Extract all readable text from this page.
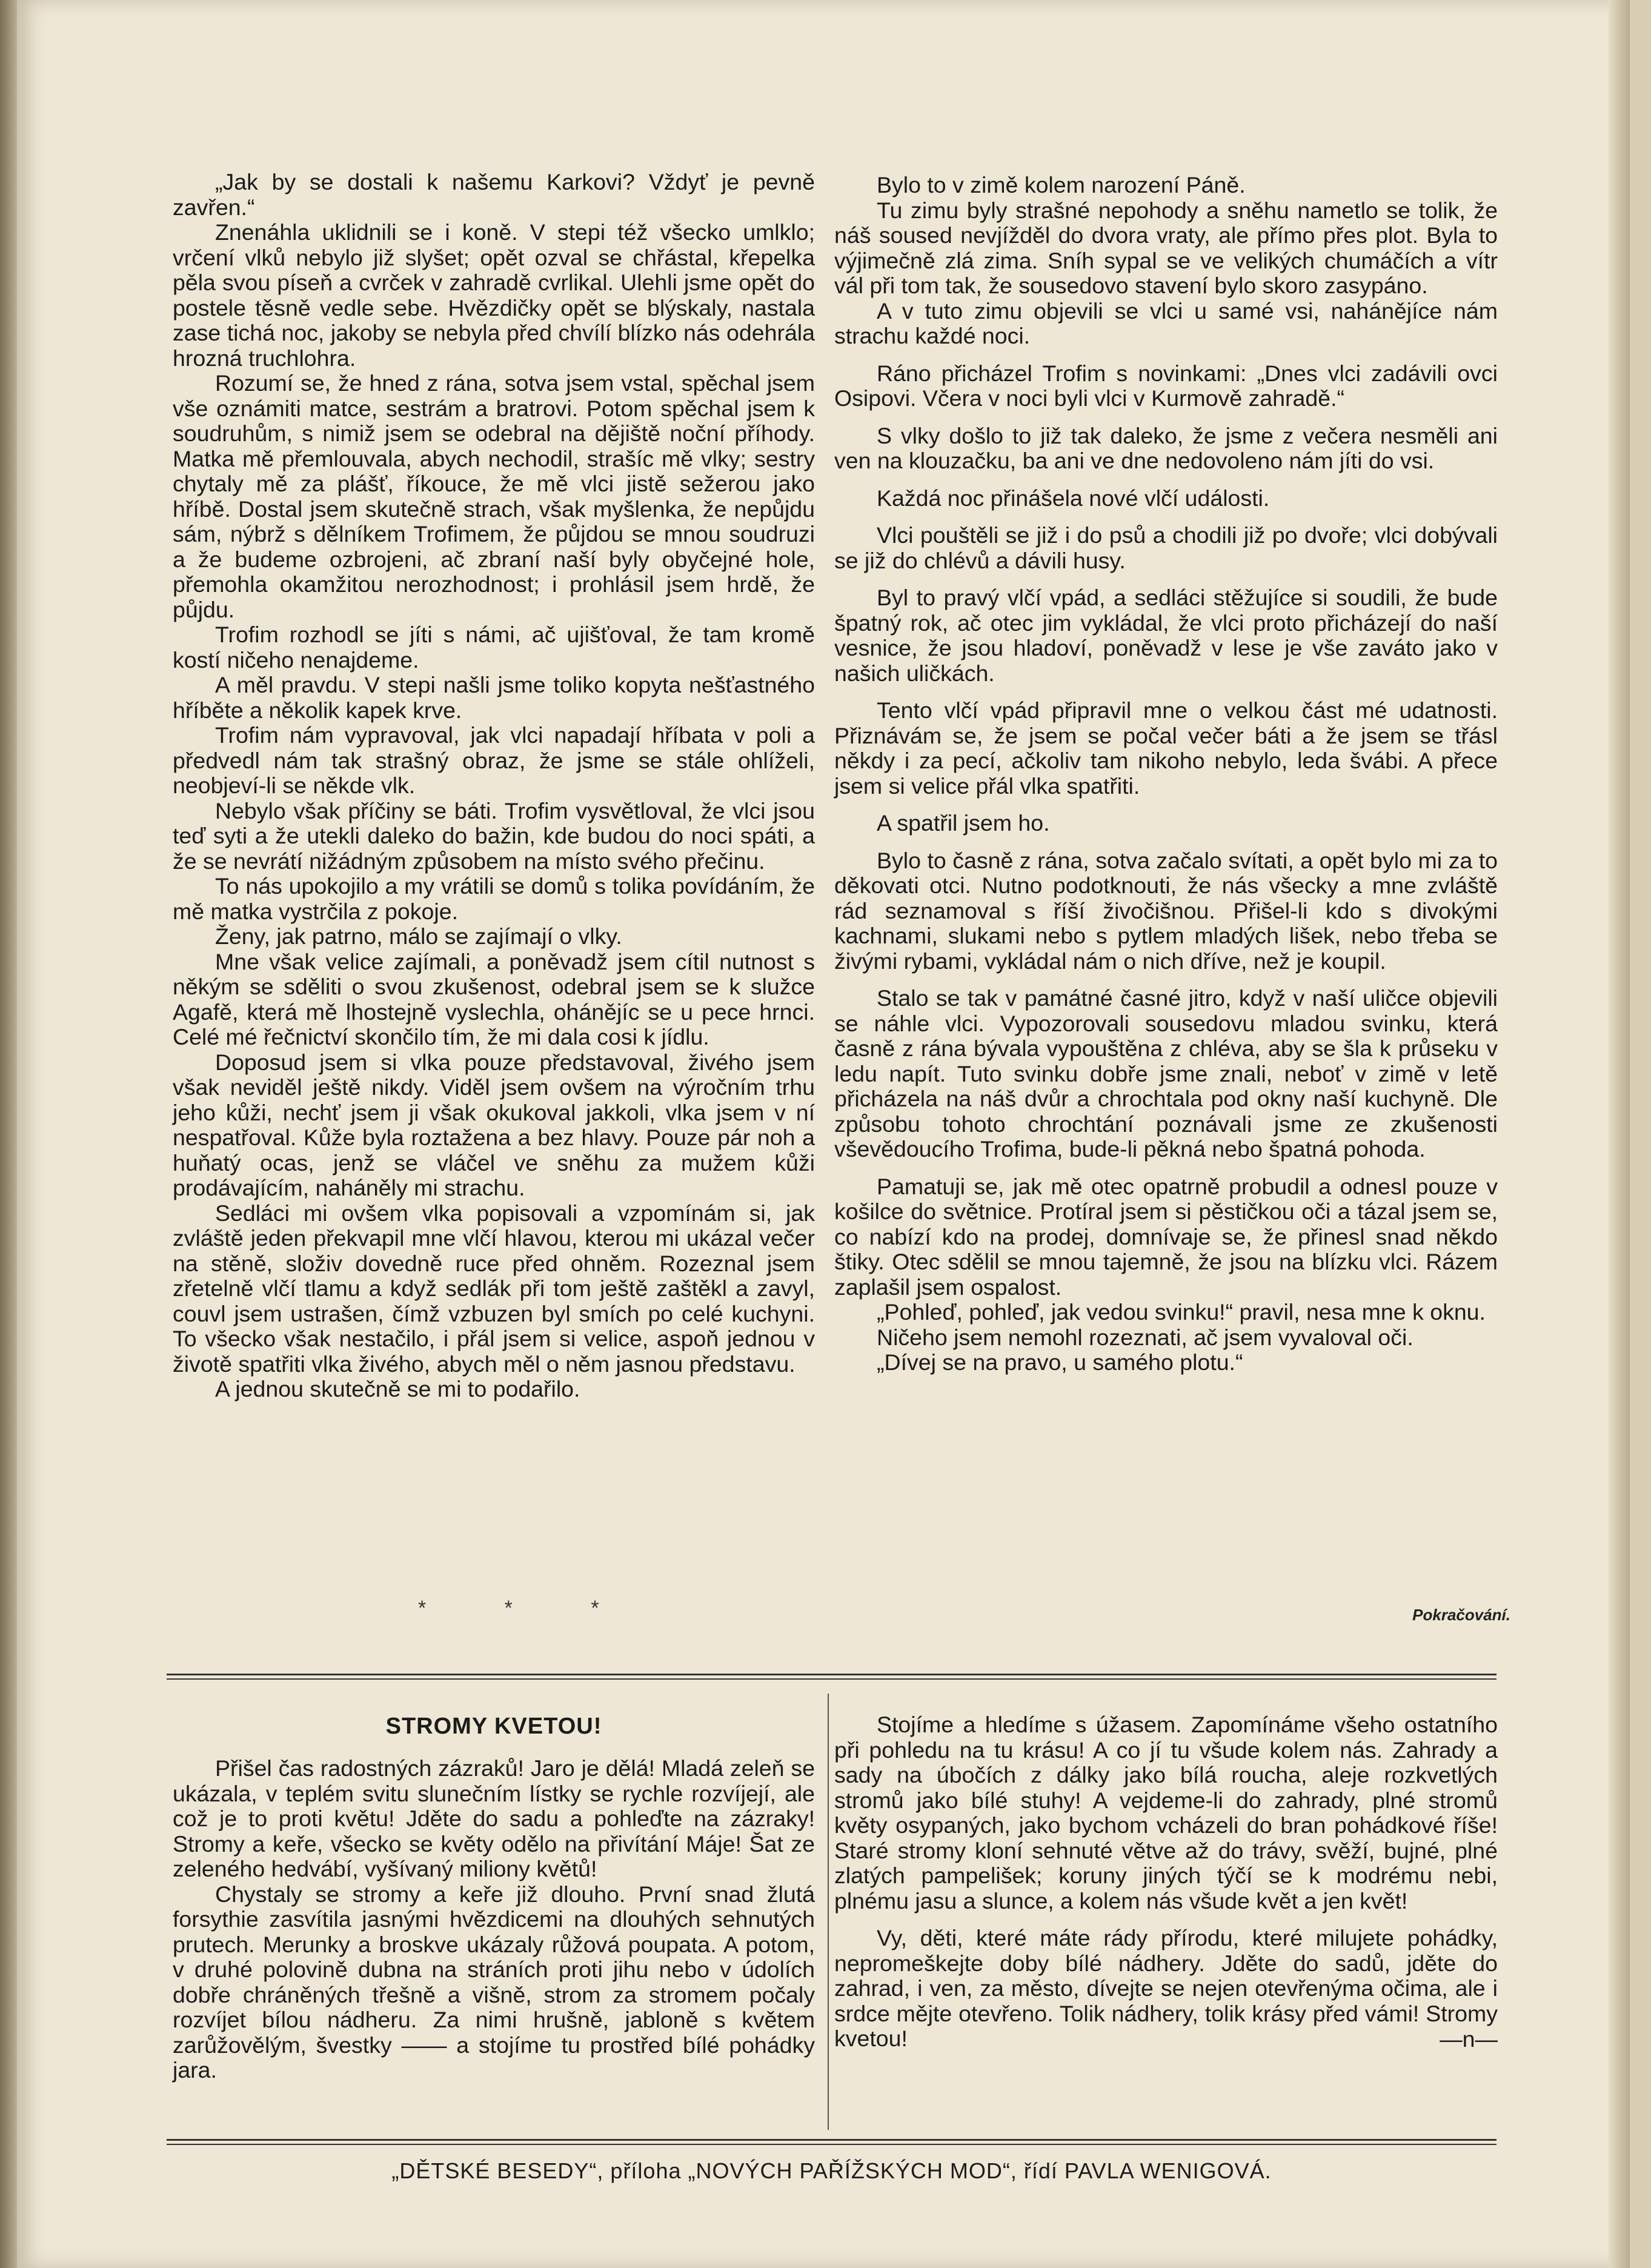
„Jak by se dostali k našemu Karkovi? Vždyť je pevně zavřen.“

Znenáhla uklidnili se i koně. V stepi též všecko umlklo; vrčení vlků nebylo již slyšet; opět ozval se chřástal, křepelka pěla svou píseň a cvrček v zahradě cvrlikal. Ulehli jsme opět do postele těsně vedle sebe. Hvězdičky opět se blýskaly, nastala zase tichá noc, jakoby se nebyla před chvílí blízko nás odehrála hrozná truchlohra.

Rozumí se, že hned z rána, sotva jsem vstal, spěchal jsem vše oznámiti matce, sestrám a bratrovi. Potom spěchal jsem k soudruhům, s nimiž jsem se odebral na dějiště noční příhody. Matka mě přemlouvala, abych nechodil, strašíc mě vlky; sestry chytaly mě za plášť, říkouce, že mě vlci jistě sežerou jako hříbě. Dostal jsem skutečně strach, však myšlenka, že nepůjdu sám, nýbrž s dělníkem Trofimem, že půjdou se mnou soudruzi a že budeme ozbrojeni, ač zbraní naší byly obyčejné hole, přemohla okamžitou nerozhodnost; i prohlásil jsem hrdě, že půjdu.

Trofim rozhodl se jíti s námi, ač ujišťoval, že tam kromě kostí ničeho nenajdeme.

A měl pravdu. V stepi našli jsme toliko kopyta nešťastného hříběte a několik kapek krve.

Trofim nám vypravoval, jak vlci napadají hříbata v poli a předvedl nám tak strašný obraz, že jsme se stále ohlíželi, neobjeví-li se někde vlk.

Nebylo však příčiny se báti. Trofim vysvětloval, že vlci jsou teď syti a že utekli daleko do bažin, kde budou do noci spáti, a že se nevrátí nižádným způsobem na místo svého přečinu.

To nás upokojilo a my vrátili se domů s tolika povídáním, že mě matka vystrčila z pokoje.

Ženy, jak patrno, málo se zajímají o vlky.

Mne však velice zajímali, a poněvadž jsem cítil nutnost s někým se sděliti o svou zkušenost, odebral jsem se k služce Agafě, která mě lhostejně vyslechla, ohánějíc se u pece hrnci. Celé mé řečnictví skončilo tím, že mi dala cosi k jídlu.

Doposud jsem si vlka pouze představoval, živého jsem však neviděl ještě nikdy. Viděl jsem ovšem na výročním trhu jeho kůži, nechť jsem ji však okukoval jakkoli, vlka jsem v ní nespatřoval. Kůže byla roztažena a bez hlavy. Pouze pár noh a huňatý ocas, jenž se vláčel ve sněhu za mužem kůži prodávajícím, naháněly mi strachu.

Sedláci mi ovšem vlka popisovali a vzpomínám si, jak zvláště jeden překvapil mne vlčí hlavou, kterou mi ukázal večer na stěně, složiv dovedně ruce před ohněm. Rozeznal jsem zřetelně vlčí tlamu a když sedlák při tom ještě zaštěkl a zavyl, couvl jsem ustrašen, čímž vzbuzen byl smích po celé kuchyni. To všecko však nestačilo, i přál jsem si velice, aspoň jednou v životě spatřiti vlka živého, abych měl o něm jasnou představu.

A jednou skutečně se mi to podařilo.

* * *

Bylo to v zimě kolem narození Páně.

Tu zimu byly strašné nepohody a sněhu nametlo se tolik, že náš soused nevjížděl do dvora vraty, ale přímo přes plot. Byla to výjimečně zlá zima. Sníh sypal se ve velikých chumáčích a vítr vál při tom tak, že sousedovo stavení bylo skoro zasypáno.

A v tuto zimu objevili se vlci u samé vsi, nahánějíce nám strachu každé noci.

Ráno přicházel Trofim s novinkami: „Dnes vlci zadávili ovci Osipovi. Včera v noci byli vlci v Kurmově zahradě.“

S vlky došlo to již tak daleko, že jsme z večera nesměli ani ven na klouzačku, ba ani ve dne nedovoleno nám jíti do vsi.

Každá noc přinášela nové vlčí události.

Vlci pouštěli se již i do psů a chodili již po dvoře; vlci dobývali se již do chlévů a dávili husy.

Byl to pravý vlčí vpád, a sedláci stěžujíce si soudili, že bude špatný rok, ač otec jim vykládal, že vlci proto přicházejí do naší vesnice, že jsou hladoví, poněvadž v lese je vše zaváto jako v našich uličkách.

Tento vlčí vpád připravil mne o velkou část mé udatnosti. Přiznávám se, že jsem se počal večer báti a že jsem se třásl někdy i za pecí, ačkoliv tam nikoho nebylo, leda švábi. A přece jsem si velice přál vlka spatřiti.

A spatřil jsem ho.

Bylo to časně z rána, sotva začalo svítati, a opět bylo mi za to děkovati otci. Nutno podotknouti, že nás všecky a mne zvláště rád seznamoval s říší živočišnou. Přišel-li kdo s divokými kachnami, slukami nebo s pytlem mladých lišek, nebo třeba se živými rybami, vykládal nám o nich dříve, než je koupil.

Stalo se tak v památné časné jitro, když v naší uličce objevili se náhle vlci. Vypozorovali sousedovu mladou svinku, která časně z rána bývala vypouštěna z chléva, aby se šla k průseku v ledu napít. Tuto svinku dobře jsme znali, neboť v zimě v letě přicházela na náš dvůr a chrochtala pod okny naší kuchyně. Dle způsobu tohoto chrochtání poznávali jsme ze zkušenosti vševědoucího Trofima, bude-li pěkná nebo špatná pohoda.

Pamatuji se, jak mě otec opatrně probudil a odnesl pouze v košilce do světnice. Protíral jsem si pěstičkou oči a tázal jsem se, co nabízí kdo na prodej, domnívaje se, že přinesl snad někdo štiky. Otec sdělil se mnou tajemně, že jsou na blízku vlci. Rázem zaplašil jsem ospalost.

„Pohleď, pohleď, jak vedou svinku!“ pravil, nesa mne k oknu.

Ničeho jsem nemohl rozeznati, ač jsem vyvaloval oči.

„Dívej se na pravo, u samého plotu.“

Pokračování.
STROMY KVETOU!

Přišel čas radostných zázraků! Jaro je dělá! Mladá zeleň se ukázala, v teplém svitu slunečním lístky se rychle rozvíjejí, ale což je to proti květu! Jděte do sadu a pohleďte na zázraky! Stromy a keře, všecko se květy odělo na přivítání Máje! Šat ze zeleného hedvábí, vyšívaný miliony květů!

Chystaly se stromy a keře již dlouho. První snad žlutá forsythie zasvítila jasnými hvězdicemi na dlouhých sehnutých prutech. Merunky a broskve ukázaly růžová poupata. A potom, v druhé polovině dubna na stráních proti jihu nebo v údolích dobře chráněných třešně a višně, strom za stromem počaly rozvíjet bílou nádheru. Za nimi hrušně, jabloně s květem zarůžovělým, švestky —— a stojíme tu prostřed bílé pohádky jara.

Stojíme a hledíme s úžasem. Zapomínáme všeho ostatního při pohledu na tu krásu! A co jí tu všude kolem nás. Zahrady a sady na úbočích z dálky jako bílá roucha, aleje rozkvetlých stromů jako bílé stuhy! A vejdeme-li do zahrady, plné stromů květy osypaných, jako bychom vcházeli do bran pohádkové říše! Staré stromy kloní sehnuté větve až do trávy, svěží, bujné, plné zlatých pampelišek; koruny jiných týčí se k modrému nebi, plnému jasu a slunce, a kolem nás všude květ a jen květ!

Vy, děti, které máte rády přírodu, které milujete pohádky, nepromeškejte doby bílé nádhery. Jděte do sadů, jděte do zahrad, i ven, za město, dívejte se nejen otevřenýma očima, ale i srdce mějte otevřeno. Tolik nádhery, tolik krásy před vámi! Stromy kvetou!	—n—

„DĚTSKÉ BESEDY“, příloha „NOVÝCH PAŘÍŽSKÝCH MOD“, řídí PAVLA WENIGOVÁ.
